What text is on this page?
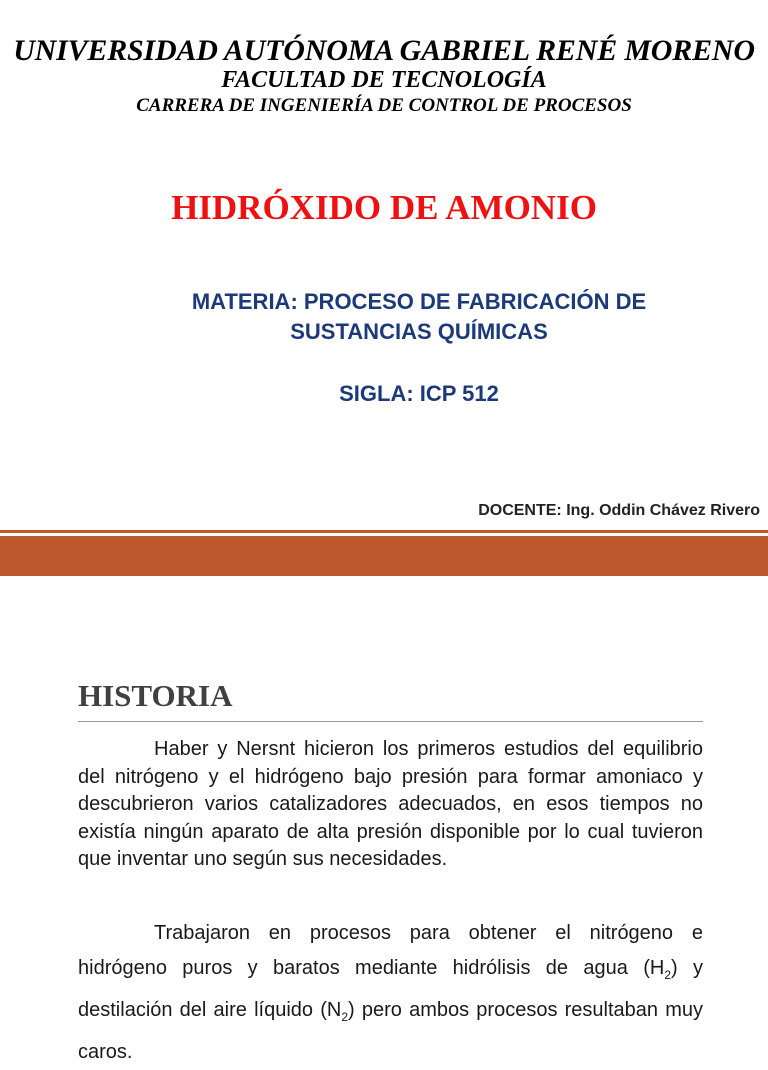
UNIVERSIDAD AUTÓNOMA GABRIEL RENÉ MORENO

FACULTAD DE TECNOLOGÍA

CARRERA DE INGENIERÍA DE CONTROL DE PROCESOS

HIDRÓXIDO DE AMONIO

MATERIA: PROCESO DE FABRICACIÓN DE

SUSTANCIAS QUÍMICAS

SIGLA: ICP 512

DOCENTE: Ing. Oddin Chávez Rivero

HISTORIA

Haber y Nersnt hicieron los primeros estudios del equilibrio del nitrógeno y el hidrógeno bajo presión para formar amoniaco y descubrieron varios catalizadores adecuados, en esos tiempos no existía ningún aparato de alta presión disponible por lo cual tuvieron que inventar uno según sus necesidades.

Trabajaron en procesos para obtener el nitrógeno e hidrógeno puros y baratos mediante hidrólisis de agua $(H_2)$ y destilación del aire líquido $(N_2)$ pero ambos procesos resultaban muy caros.
